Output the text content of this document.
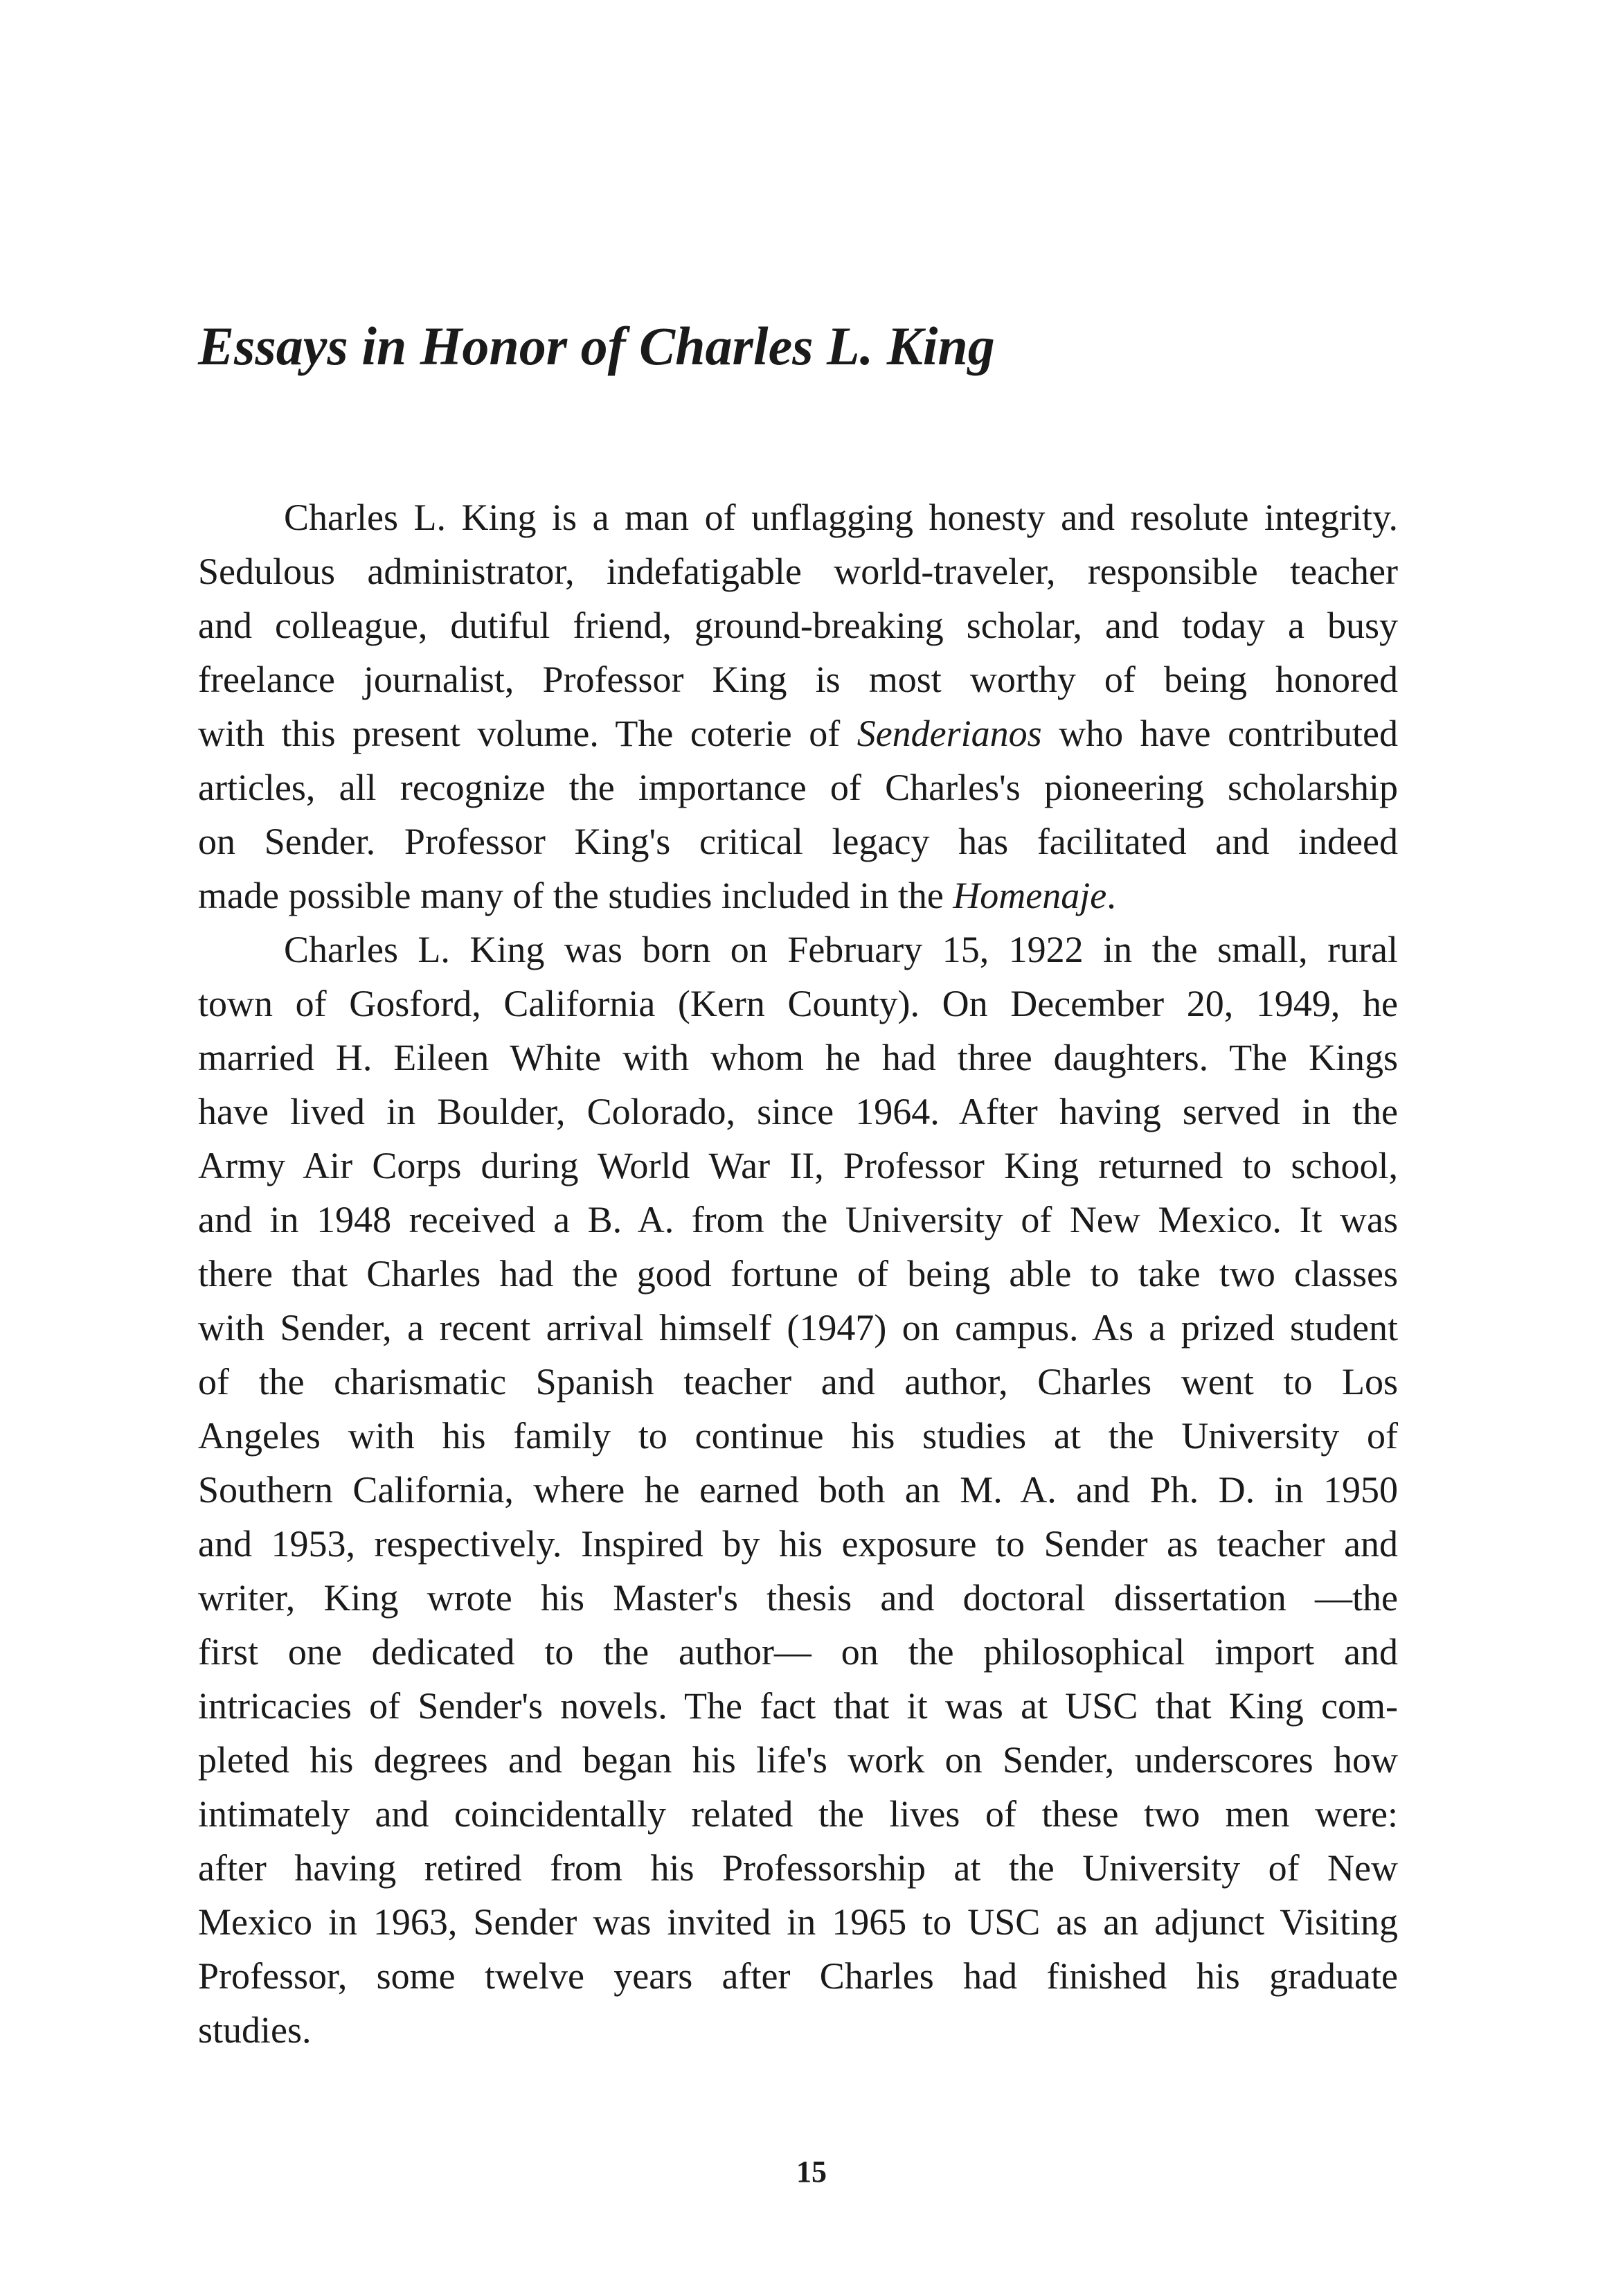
Essays in Honor of Charles L. King
Charles L. King is a man of unflagging honesty and resolute integrity.
Sedulous administrator, indefatigable world-traveler, responsible teacher
and colleague, dutiful friend, ground-breaking scholar, and today a busy
freelance journalist, Professor King is most worthy of being honored
with this present volume. The coterie of Senderianos who have contributed
articles, all recognize the importance of Charles's pioneering scholarship
on Sender. Professor King's critical legacy has facilitated and indeed
made possible many of the studies included in the Homenaje.
Charles L. King was born on February 15, 1922 in the small, rural
town of Gosford, California (Kern County). On December 20, 1949, he
married H. Eileen White with whom he had three daughters. The Kings
have lived in Boulder, Colorado, since 1964. After having served in the
Army Air Corps during World War II, Professor King returned to school,
and in 1948 received a B. A. from the University of New Mexico. It was
there that Charles had the good fortune of being able to take two classes
with Sender, a recent arrival himself (1947) on campus. As a prized student
of the charismatic Spanish teacher and author, Charles went to Los
Angeles with his family to continue his studies at the University of
Southern California, where he earned both an M. A. and Ph. D. in 1950
and 1953, respectively. Inspired by his exposure to Sender as teacher and
writer, King wrote his Master's thesis and doctoral dissertation —the
first one dedicated to the author— on the philosophical import and
intricacies of Sender's novels. The fact that it was at USC that King com-
pleted his degrees and began his life's work on Sender, underscores how
intimately and coincidentally related the lives of these two men were:
after having retired from his Professorship at the University of New
Mexico in 1963, Sender was invited in 1965 to USC as an adjunct Visiting
Professor, some twelve years after Charles had finished his graduate
studies.
15
